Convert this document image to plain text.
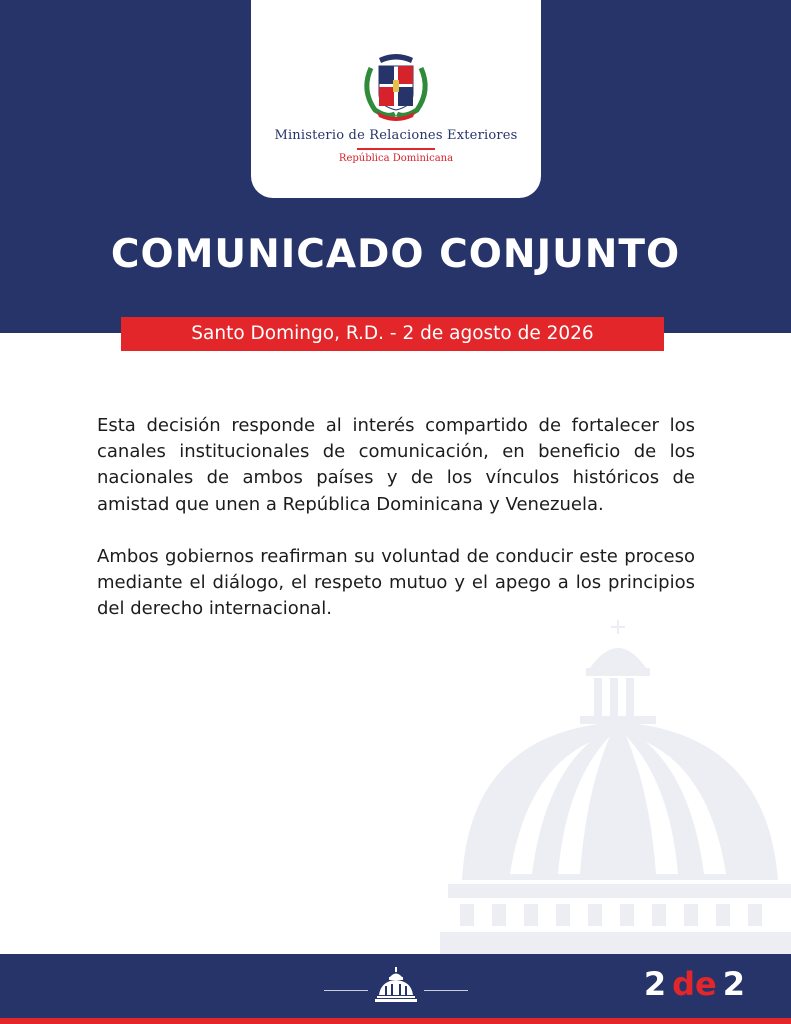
Ministerio de Relaciones Exteriores
República Dominicana
COMUNICADO CONJUNTO
Santo Domingo, R.D. - 2 de agosto de 2026

Esta decisión responde al interés compartido de fortalecer los canales institucionales de comunicación, en beneficio de los nacionales de ambos países y de los vínculos históricos de amistad que unen a República Dominicana y Venezuela.

Ambos gobiernos reafirman su voluntad de conducir este proceso mediante el diálogo, el respeto mutuo y el apego a los principios del derecho internacional.

2 de 2
